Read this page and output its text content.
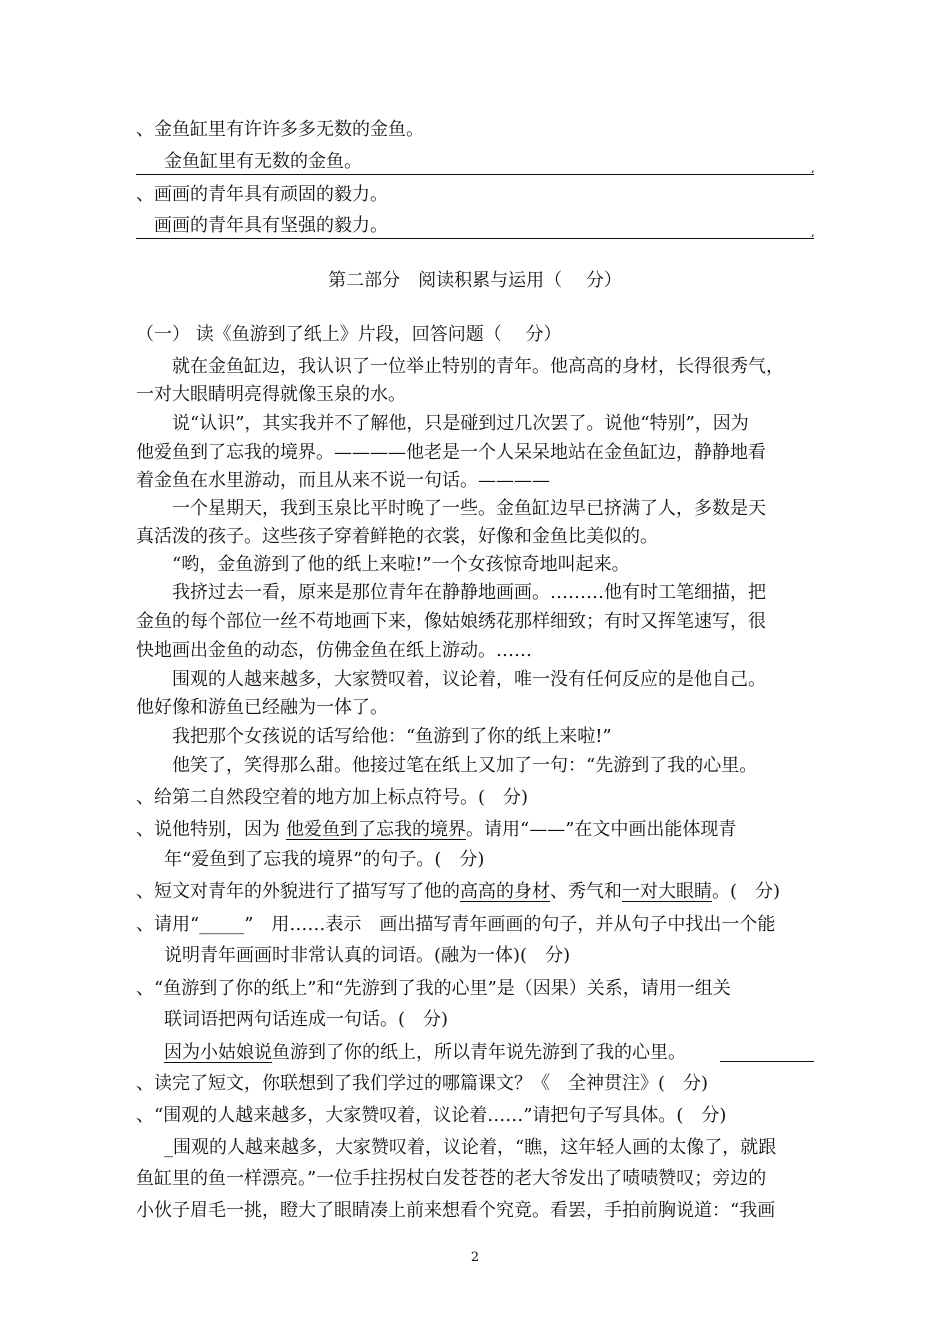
、金鱼缸里有许许多多无数的金鱼。
金鱼缸里有无数的金鱼。	,
、画画的青年具有顽固的毅力。
画画的青年具有坚强的毅力。	,
第二部分　阅读积累与运用（　 分）
（一） 读《鱼游到了纸上》片段，回答问题（　 分）
就在金鱼缸边，我认识了一位举止特别的青年。他高高的身材，长得很秀气，
一对大眼睛明亮得就像玉泉的水。
说“认识”，其实我并不了解他，只是碰到过几次罢了。说他“特别”，因为
他爱鱼到了忘我的境界。————他老是一个人呆呆地站在金鱼缸边，静静地看
着金鱼在水里游动，而且从来不说一句话。————
一个星期天，我到玉泉比平时晚了一些。金鱼缸边早已挤满了人，多数是天
真活泼的孩子。这些孩子穿着鲜艳的衣裳，好像和金鱼比美似的。
“哟，金鱼游到了他的纸上来啦!”一个女孩惊奇地叫起来。
我挤过去一看，原来是那位青年在静静地画画。………他有时工笔细描，把
金鱼的每个部位一丝不苟地画下来，像姑娘绣花那样细致；有时又挥笔速写，很
快地画出金鱼的动态，仿佛金鱼在纸上游动。……
围观的人越来越多，大家赞叹着，议论着，唯一没有任何反应的是他自己。
他好像和游鱼已经融为一体了。
我把那个女孩说的话写给他：“鱼游到了你的纸上来啦!”
他笑了，笑得那么甜。他接过笔在纸上又加了一句：“先游到了我的心里。
、给第二自然段空着的地方加上标点符号。(　分)
、说他特别，因为 他爱鱼到了忘我的境界。请用“——”在文中画出能体现青
年“爱鱼到了忘我的境界”的句子。(　分)
、短文对青年的外貌进行了描写写了他的高高的身材、秀气和一对大眼睛。(　分)
、请用“_____”　用……表示　画出描写青年画画的句子，并从句子中找出一个能
说明青年画画时非常认真的词语。(融为一体)(　分)
、“鱼游到了你的纸上”和“先游到了我的心里”是（因果）关系，请用一组关
联词语把两句话连成一句话。(　分)
因为小姑娘说鱼游到了你的纸上，所以青年说先游到了我的心里。
、读完了短文，你联想到了我们学过的哪篇课文？《　全神贯注》(　分)
、“围观的人越来越多，大家赞叹着，议论着……”请把句子写具体。(　分)
_围观的人越来越多，大家赞叹着，议论着，“瞧，这年轻人画的太像了，就跟
鱼缸里的鱼一样漂亮。”一位手拄拐杖白发苍苍的老大爷发出了啧啧赞叹；旁边的
小伙子眉毛一挑，瞪大了眼睛凑上前来想看个究竟。看罢，手拍前胸说道：“我画
2
